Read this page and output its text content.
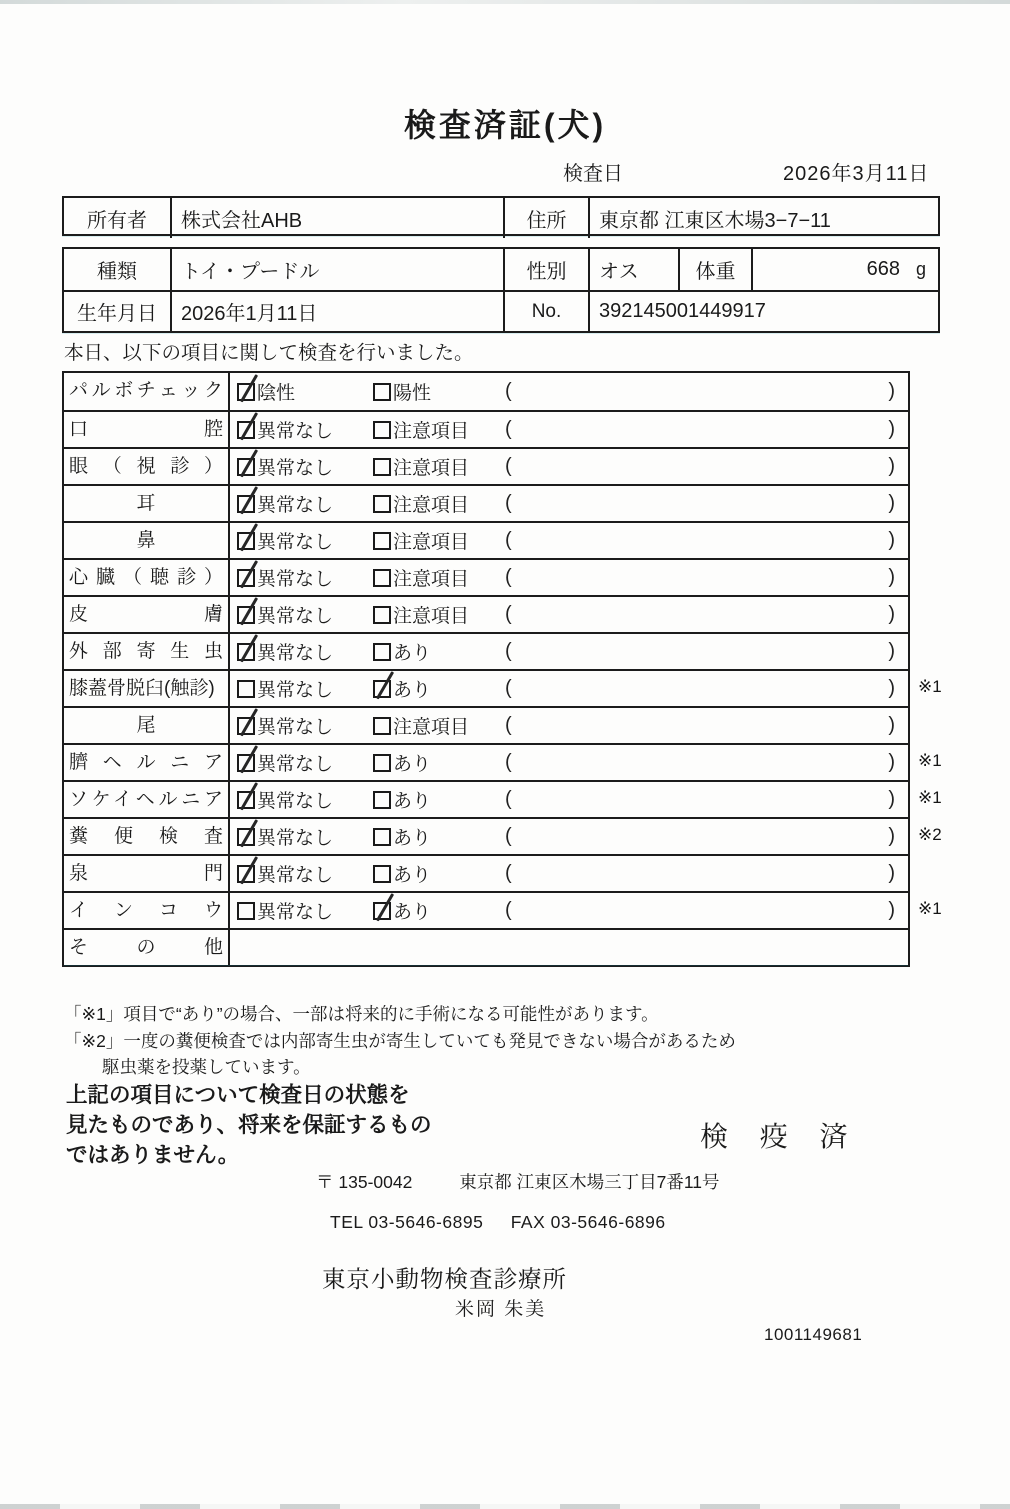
検査済証(犬)
検査日	2026年3月11日
所有者	株式会社AHB	住所	東京都 江東区木場3−7−11
種類	トイ・プードル	性別	オス	体重	668 g
生年月日	2026年1月11日	No.	392145001449917
本日、以下の項目に関して検査を行いました。
パルボチェック	陰性	陽性	(	)
口腔	異常なし	注意項目 (	)
眼（視診）	異常なし	注意項目 (	)
耳	異常なし	注意項目 (	)
鼻	異常なし	注意項目 (	)
心臓（聴診）	異常なし	注意項目 (	)
皮膚	異常なし	注意項目 (	)
外部寄生虫	異常なし	あり	(	)
膝蓋骨脱臼(触診)	異常なし	あり	(	) ※1
尾	異常なし	注意項目 (	)
臍ヘルニア	異常なし	あり	(	) ※1
ソケイヘルニア	異常なし	あり	(	) ※1
糞便検査	異常なし	あり	(	) ※2
泉門	異常なし	あり	(	)
インコウ	異常なし	あり	(	) ※1
その他
「※1」項目で“あり”の場合、一部は将来的に手術になる可能性があります。
「※2」一度の糞便検査では内部寄生虫が寄生していても発見できない場合があるため
駆虫薬を投薬しています。
上記の項目について検査日の状態を
見たものであり、将来を保証するもの
ではありません。
検 疫 済
〒 135-0042	東京都 江東区木場三丁目7番11号
TEL 03-5646-6895 FAX 03-5646-6896
東京小動物検査診療所
米岡 朱美
1001149681
